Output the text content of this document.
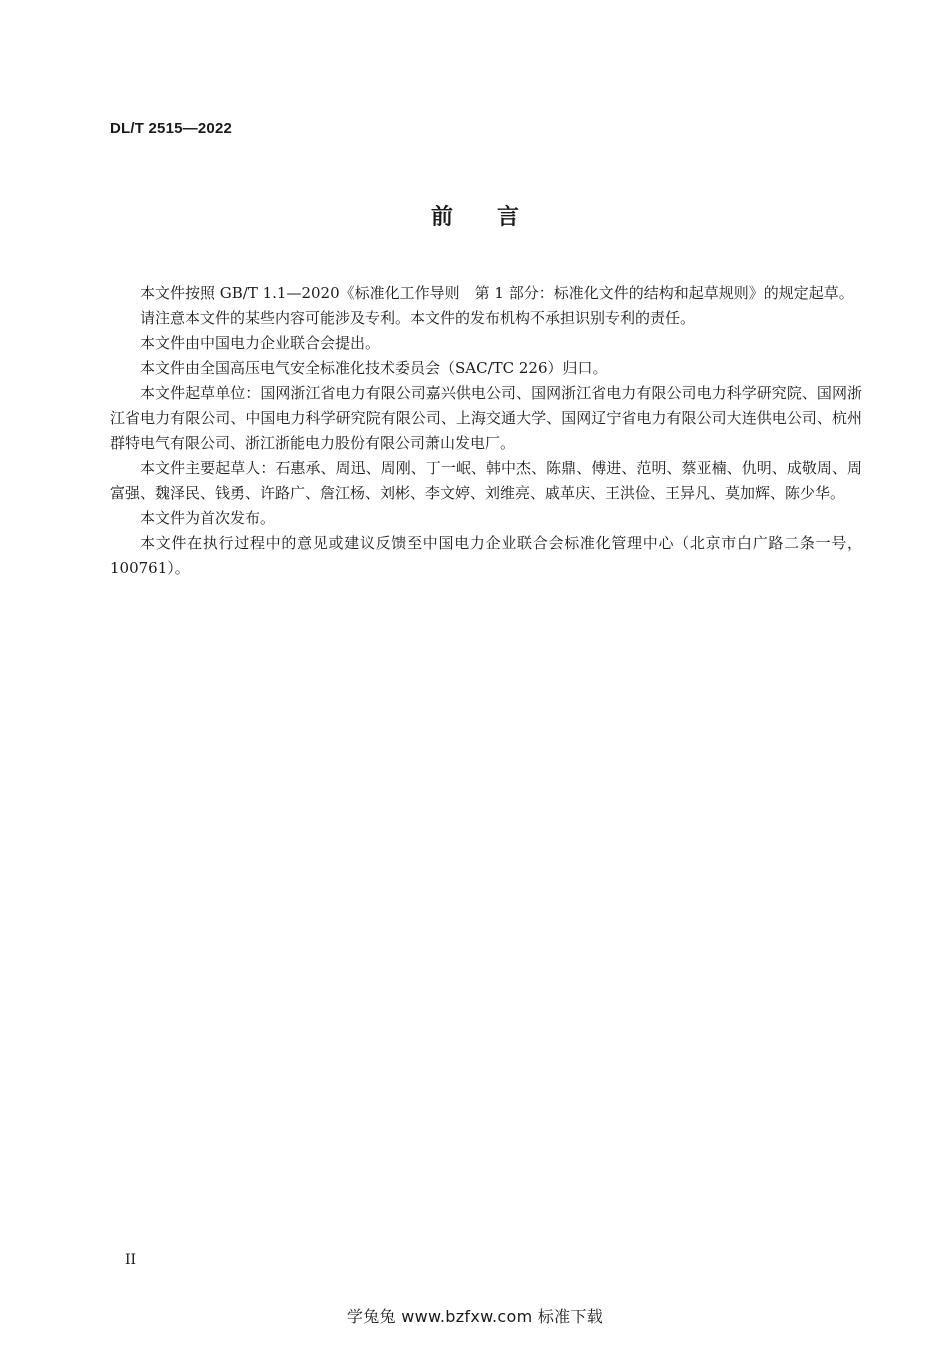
DL/T 2515—2022
前言

本文件按照 GB/T 1.1—2020《标准化工作导则　第 1 部分：标准化文件的结构和起草规则》的规定起草。

请注意本文件的某些内容可能涉及专利。本文件的发布机构不承担识别专利的责任。

本文件由中国电力企业联合会提出。

本文件由全国高压电气安全标准化技术委员会（SAC/TC 226）归口。

本文件起草单位：国网浙江省电力有限公司嘉兴供电公司、国网浙江省电力有限公司电力科学研究院、国网浙江省电力有限公司、中国电力科学研究院有限公司、上海交通大学、国网辽宁省电力有限公司大连供电公司、杭州群特电气有限公司、浙江浙能电力股份有限公司萧山发电厂。

本文件主要起草人：石惠承、周迅、周刚、丁一岷、韩中杰、陈鼎、傅进、范明、蔡亚楠、仇明、成敬周、周富强、魏泽民、钱勇、许路广、詹江杨、刘彬、李文婷、刘维亮、戚革庆、王洪俭、王异凡、莫加辉、陈少华。

本文件为首次发布。

本文件在执行过程中的意见或建议反馈至中国电力企业联合会标准化管理中心（北京市白广路二条一号，100761）。

II
学兔兔 www.bzfxw.com 标准下载
